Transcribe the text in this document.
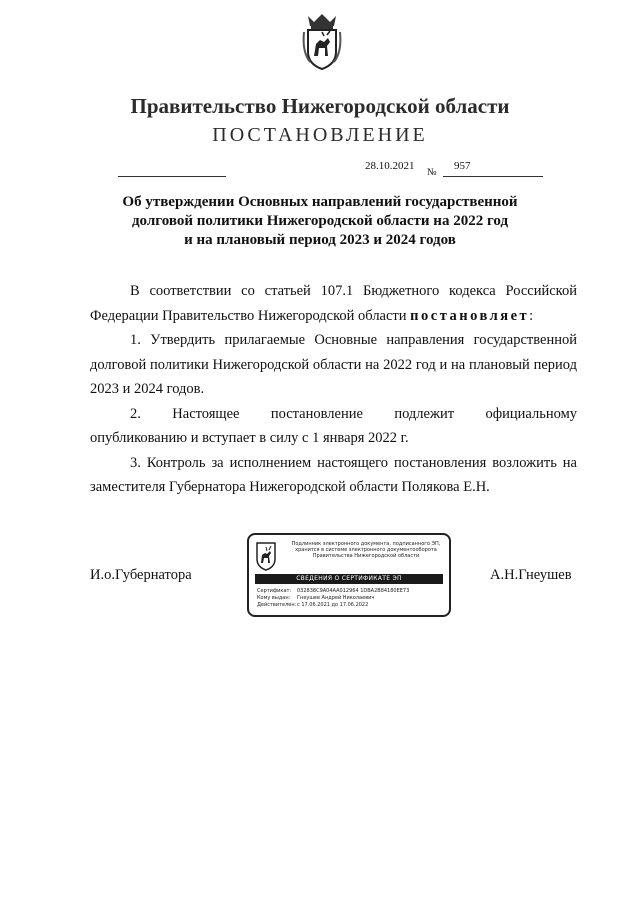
Правительство Нижегородской области
ПОСТАНОВЛЕНИЕ
28.10.2021
№
957
Об утверждении Основных направлений государственной
долговой политики Нижегородской области на 2022 год
и на плановый период 2023 и 2024 годов

В соответствии со статьей 107.1 Бюджетного кодекса Российской Федерации Правительство Нижегородской области постановляет:

1. Утвердить прилагаемые Основные направления государственной долговой политики Нижегородской области на 2022 год и на плановый период 2023 и 2024 годов.

2. Настоящее постановление подлежит официальному
опубликованию и вступает в силу с 1 января 2022 г.

3. Контроль за исполнением настоящего постановления возложить на заместителя Губернатора Нижегородской области Полякова Е.Н.

И.о.Губернатора	А.Н.Гнеушев
Подлинник электронного документа, подписанного ЭП,
хранится в системе электронного документооборота
Правительства Нижегородской области
СВЕДЕНИЯ О СЕРТИФИКАТЕ ЭП
Сертификат: 032838C9A04AA012964 1DBA2B84180EE73
Кому выдан: Гнеушев Андрей Николаевич
Действителен:с 17.06.2021 до 17.06.2022
